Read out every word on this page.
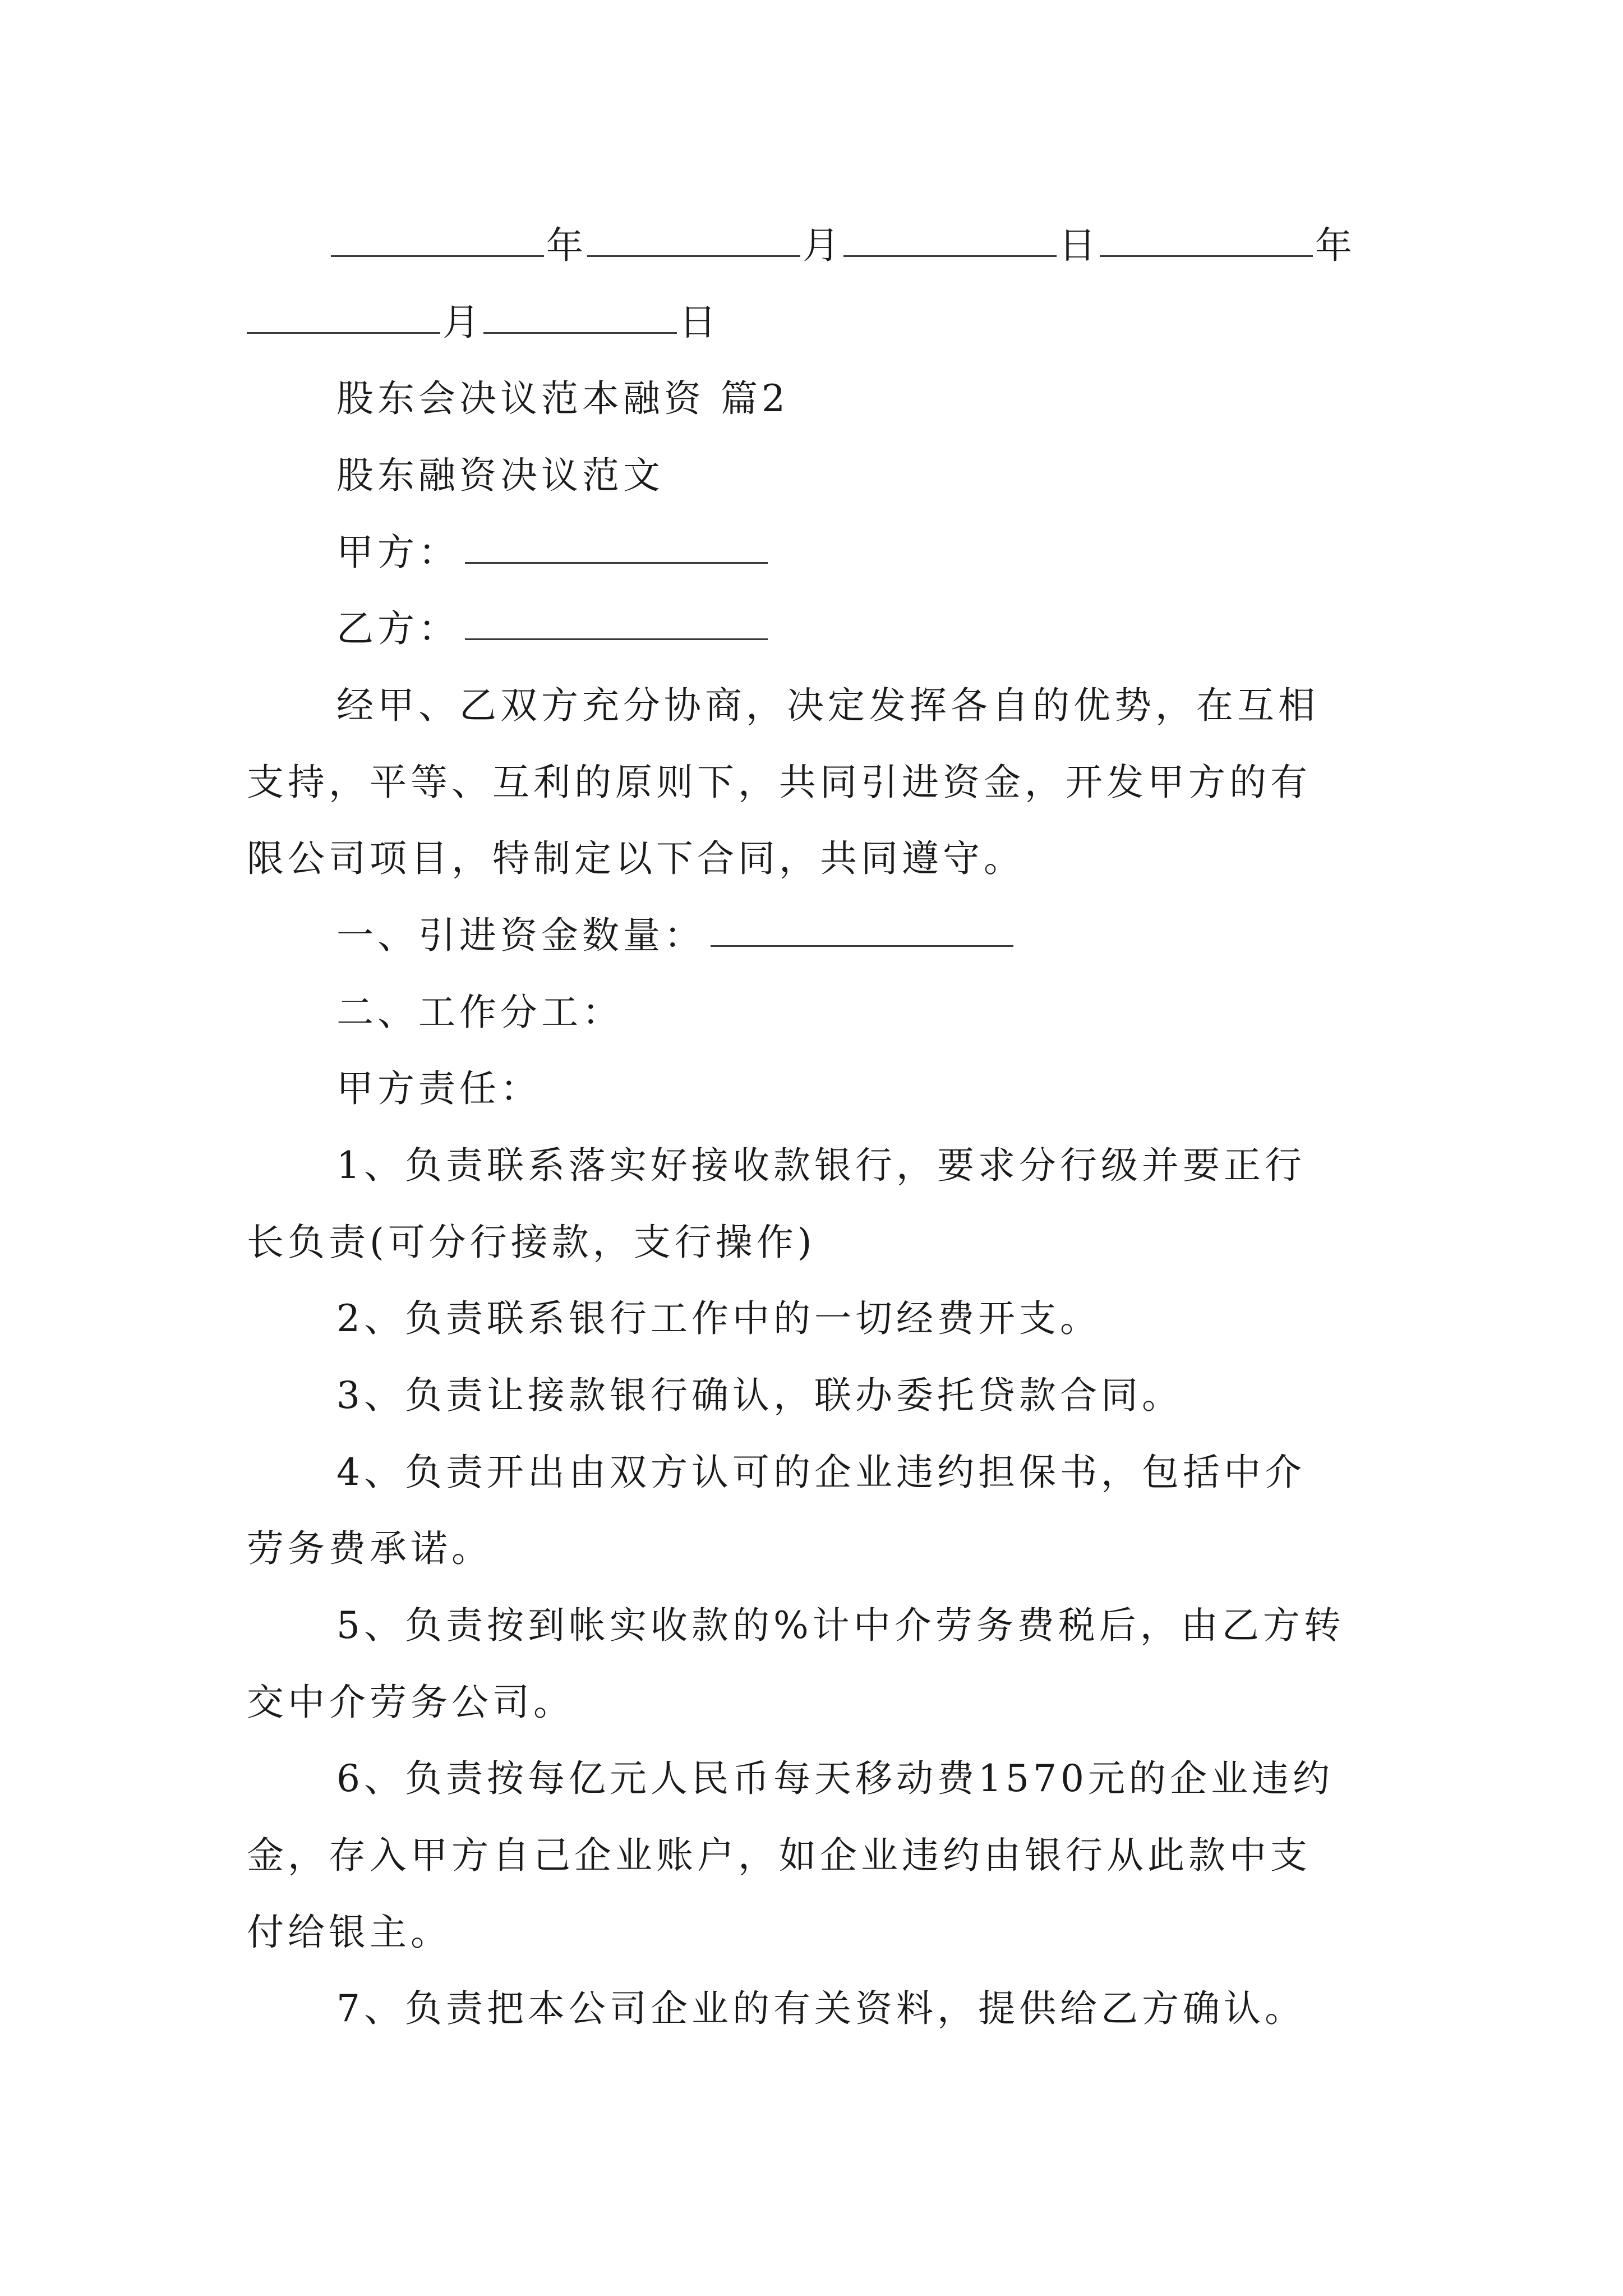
年	月	日	年
月	日
股东会决议范本融资 篇2
股东融资决议范文
甲方：
乙方：
经甲、乙双方充分协商，决定发挥各自的优势，在互相
支持，平等、互利的原则下，共同引进资金，开发甲方的有
限公司项目，特制定以下合同，共同遵守。
一、引进资金数量：
二、工作分工：
甲方责任：
1、负责联系落实好接收款银行，要求分行级并要正行
长负责(可分行接款，支行操作)
2、负责联系银行工作中的一切经费开支。
3、负责让接款银行确认，联办委托贷款合同。
4、负责开出由双方认可的企业违约担保书，包括中介
劳务费承诺。
5、负责按到帐实收款的%计中介劳务费税后，由乙方转
交中介劳务公司。
6、负责按每亿元人民币每天移动费1570元的企业违约
金，存入甲方自己企业账户，如企业违约由银行从此款中支
付给银主。
7、负责把本公司企业的有关资料，提供给乙方确认。
